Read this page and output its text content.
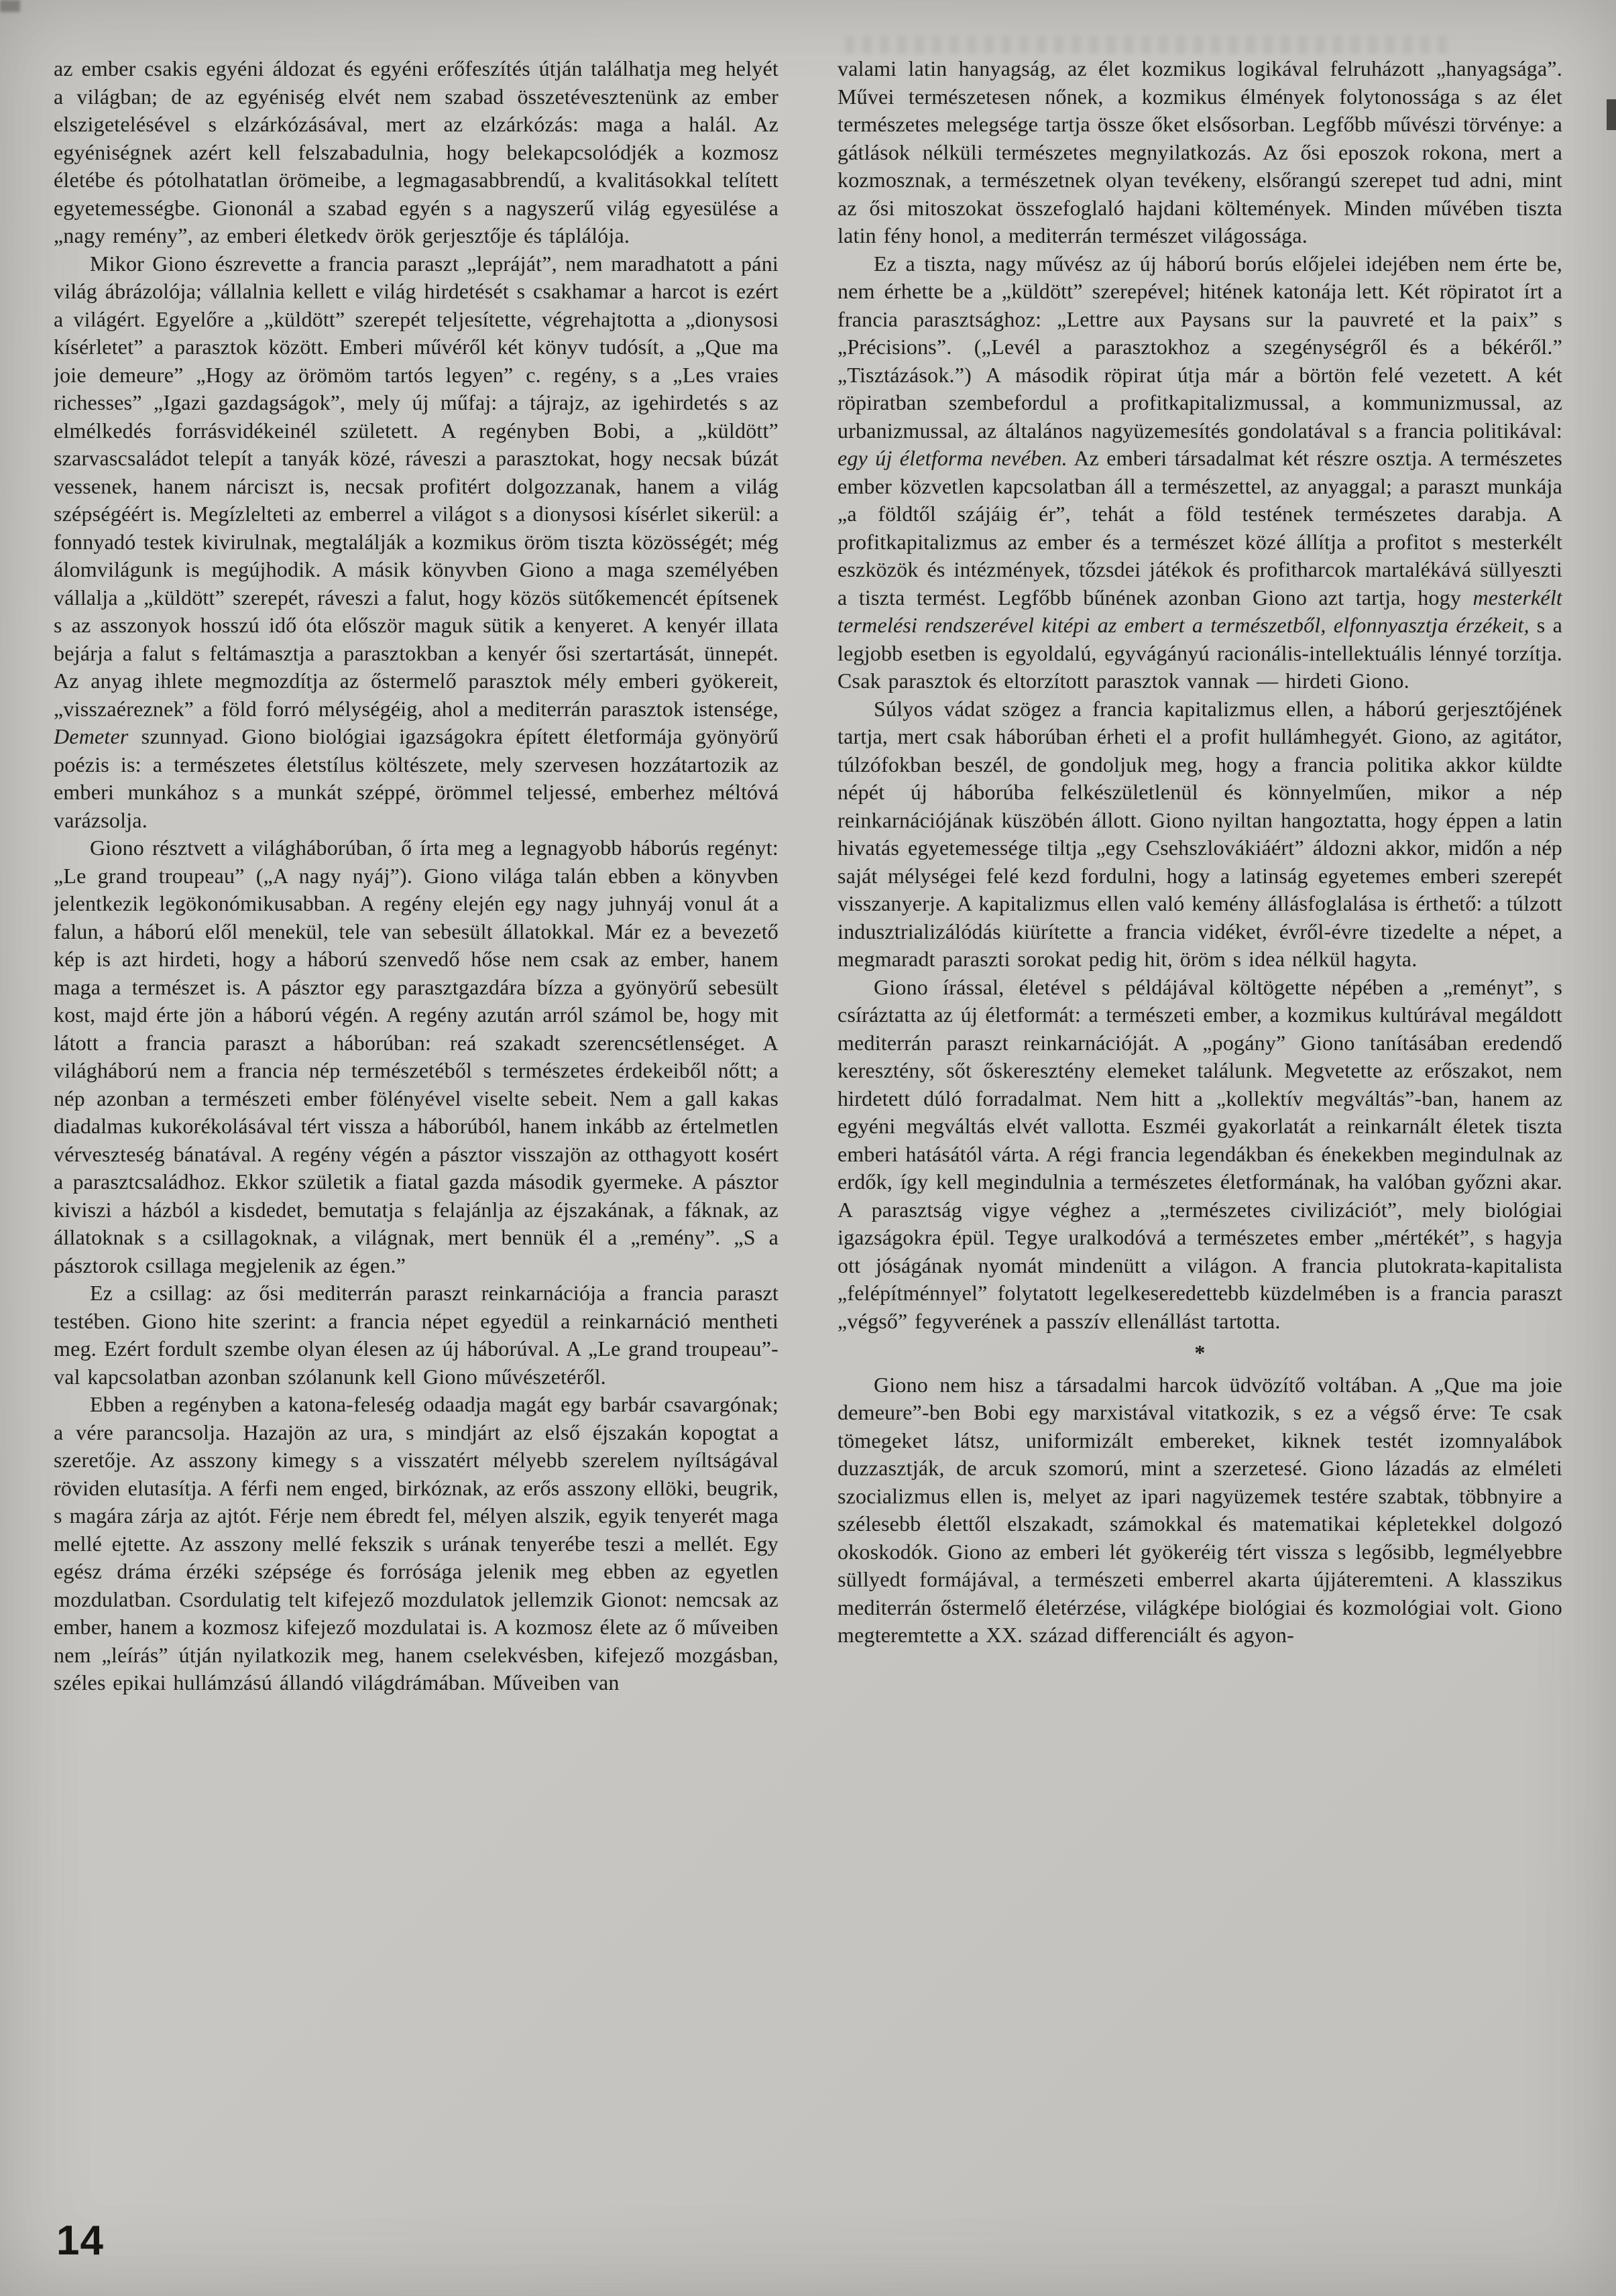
az ember csakis egyéni áldozat és egyéni erőfeszítés útján találhatja meg helyét a világban; de az egyéniség elvét nem szabad összetévesztenünk az ember elszigetelésével s elzárkózásával, mert az elzárkózás: maga a halál. Az egyéniségnek azért kell felszabadulnia, hogy belekapcsolódjék a kozmosz életébe és pótolhatatlan örömeibe, a legmagasabbrendű, a kvalitásokkal telített egyetemességbe. Giononál a szabad egyén s a nagyszerű világ egyesülése a „nagy remény”, az emberi életkedv örök gerjesztője és táplálója.

Mikor Giono észrevette a francia paraszt „lepráját”, nem maradhatott a páni világ ábrázolója; vállalnia kellett e világ hirdetését s csakhamar a harcot is ezért a világért. Egyelőre a „küldött” szerepét teljesítette, végrehajtotta a „dionysosi kísérletet” a parasztok között. Emberi művéről két könyv tudósít, a „Que ma joie demeure” „Hogy az örömöm tartós legyen” c. regény, s a „Les vraies richesses” „Igazi gazdagságok”, mely új műfaj: a tájrajz, az igehirdetés s az elmélkedés forrásvidékeinél született. A regényben Bobi, a „küldött” szarvascsaládot telepít a tanyák közé, ráveszi a parasztokat, hogy necsak búzát vessenek, hanem nárciszt is, necsak profitért dolgozzanak, hanem a világ szépségéért is. Megízlelteti az emberrel a világot s a dionysosi kísérlet sikerül: a fonnyadó testek kivirulnak, megtalálják a kozmikus öröm tiszta közösségét; még álomvilágunk is megújhodik. A másik könyvben Giono a maga személyében vállalja a „küldött” szerepét, ráveszi a falut, hogy közös sütőkemencét építsenek s az asszonyok hosszú idő óta először maguk sütik a kenyeret. A kenyér illata bejárja a falut s feltámasztja a parasztokban a kenyér ősi szertartását, ünnepét. Az anyag ihlete megmozdítja az őstermelő parasztok mély emberi gyökereit, „visszaéreznek” a föld forró mélységéig, ahol a mediterrán parasztok istensége, Demeter szunnyad. Giono biológiai igazságokra épített életformája gyönyörű poézis is: a természetes életstílus költészete, mely szervesen hozzátartozik az emberi munkához s a munkát széppé, örömmel teljessé, emberhez méltóvá varázsolja.

Giono résztvett a világháborúban, ő írta meg a legnagyobb háborús regényt: „Le grand troupeau” („A nagy nyáj”). Giono világa talán ebben a könyvben jelentkezik legökonómikusabban. A regény elején egy nagy juhnyáj vonul át a falun, a háború elől menekül, tele van sebesült állatokkal. Már ez a bevezető kép is azt hirdeti, hogy a háború szenvedő hőse nem csak az ember, hanem maga a természet is. A pásztor egy parasztgazdára bízza a gyönyörű sebesült kost, majd érte jön a háború végén. A regény azután arról számol be, hogy mit látott a francia paraszt a háborúban: reá szakadt szerencsétlenséget. A világháború nem a francia nép természetéből s természetes érdekeiből nőtt; a nép azonban a természeti ember fölényével viselte sebeit. Nem a gall kakas diadalmas kukorékolásával tért vissza a háborúból, hanem inkább az értelmetlen vérveszteség bánatával. A regény végén a pásztor visszajön az otthagyott kosért a parasztcsaládhoz. Ekkor születik a fiatal gazda második gyermeke. A pásztor kiviszi a házból a kisdedet, bemutatja s felajánlja az éjszakának, a fáknak, az állatoknak s a csillagoknak, a világnak, mert bennük él a „remény”. „S a pásztorok csillaga megjelenik az égen.”

Ez a csillag: az ősi mediterrán paraszt reinkarnációja a francia paraszt testében. Giono hite szerint: a francia népet egyedül a reinkarnáció mentheti meg. Ezért fordult szembe olyan élesen az új háborúval. A „Le grand troupeau”-val kapcsolatban azonban szólanunk kell Giono művészetéről.

Ebben a regényben a katona-feleség odaadja magát egy barbár csavargónak; a vére parancsolja. Hazajön az ura, s mindjárt az első éjszakán kopogtat a szeretője. Az asszony kimegy s a visszatért mélyebb szerelem nyíltságával röviden elutasítja. A férfi nem enged, birkóznak, az erős asszony ellöki, beugrik, s magára zárja az ajtót. Férje nem ébredt fel, mélyen alszik, egyik tenyerét maga mellé ejtette. Az asszony mellé fekszik s urának tenyerébe teszi a mellét. Egy egész dráma érzéki szépsége és forrósága jelenik meg ebben az egyetlen mozdulatban. Csordulatig telt kifejező mozdulatok jellemzik Gionot: nemcsak az ember, hanem a kozmosz kifejező mozdulatai is. A kozmosz élete az ő műveiben nem „leírás” útján nyilatkozik meg, hanem cselekvésben, kifejező mozgásban, széles epikai hullámzású állandó világdrámában. Műveiben van

valami latin hanyagság, az élet kozmikus logikával felruházott „hanyagsága”. Művei természetesen nőnek, a kozmikus élmények folytonossága s az élet természetes melegsége tartja össze őket elsősorban. Legfőbb művészi törvénye: a gátlások nélküli természetes megnyilatkozás. Az ősi eposzok rokona, mert a kozmosznak, a természetnek olyan tevékeny, elsőrangú szerepet tud adni, mint az ősi mitoszokat összefoglaló hajdani költemények. Minden művében tiszta latin fény honol, a mediterrán természet világossága.

Ez a tiszta, nagy művész az új háború borús előjelei idejében nem érte be, nem érhette be a „küldött” szerepével; hitének katonája lett. Két röpiratot írt a francia parasztsághoz: „Lettre aux Paysans sur la pauvreté et la paix” s „Précisions”. („Levél a parasztokhoz a szegénységről és a békéről.” „Tisztázások.”) A második röpirat útja már a börtön felé vezetett. A két röpiratban szembefordul a profitkapitalizmussal, a kommunizmussal, az urbanizmussal, az általános nagyüzemesítés gondolatával s a francia politikával: egy új életforma nevében. Az emberi társadalmat két részre osztja. A természetes ember közvetlen kapcsolatban áll a természettel, az anyaggal; a paraszt munkája „a földtől szájáig ér”, tehát a föld testének természetes darabja. A profitkapitalizmus az ember és a természet közé állítja a profitot s mesterkélt eszközök és intézmények, tőzsdei játékok és profitharcok martalékává süllyeszti a tiszta termést. Legfőbb bűnének azonban Giono azt tartja, hogy mesterkélt termelési rendszerével kitépi az embert a természetből, elfonnyasztja érzékeit, s a legjobb esetben is egyoldalú, egyvágányú racionális-intellektuális lénnyé torzítja. Csak parasztok és eltorzított parasztok vannak — hirdeti Giono.

Súlyos vádat szögez a francia kapitalizmus ellen, a háború gerjesztőjének tartja, mert csak háborúban érheti el a profit hullámhegyét. Giono, az agitátor, túlzófokban beszél, de gondoljuk meg, hogy a francia politika akkor küldte népét új háborúba felkészületlenül és könnyelműen, mikor a nép reinkarnációjának küszöbén állott. Giono nyiltan hangoztatta, hogy éppen a latin hivatás egyetemessége tiltja „egy Csehszlovákiáért” áldozni akkor, midőn a nép saját mélységei felé kezd fordulni, hogy a latinság egyetemes emberi szerepét visszanyerje. A kapitalizmus ellen való kemény állásfoglalása is érthető: a túlzott indusztrializálódás kiürítette a francia vidéket, évről-évre tizedelte a népet, a megmaradt paraszti sorokat pedig hit, öröm s idea nélkül hagyta.

Giono írással, életével s példájával költögette népében a „reményt”, s csíráztatta az új életformát: a természeti ember, a kozmikus kultúrával megáldott mediterrán paraszt reinkarnációját. A „pogány” Giono tanításában eredendő keresztény, sőt őskeresztény elemeket találunk. Megvetette az erőszakot, nem hirdetett dúló forradalmat. Nem hitt a „kollektív megváltás”-ban, hanem az egyéni megváltás elvét vallotta. Eszméi gyakorlatát a reinkarnált életek tiszta emberi hatásától várta. A régi francia legendákban és énekekben megindulnak az erdők, így kell megindulnia a természetes életformának, ha valóban győzni akar. A parasztság vigye véghez a „természetes civilizációt”, mely biológiai igazságokra épül. Tegye uralkodóvá a természetes ember „mértékét”, s hagyja ott jóságának nyomát mindenütt a világon. A francia plutokrata-kapitalista „felépítménnyel” folytatott legelkeseredettebb küzdelmében is a francia paraszt „végső” fegyverének a passzív ellenállást tartotta.

*

Giono nem hisz a társadalmi harcok üdvözítő voltában. A „Que ma joie demeure”-ben Bobi egy marxistával vitatkozik, s ez a végső érve: Te csak tömegeket látsz, uniformizált embereket, kiknek testét izomnyalábok duzzasztják, de arcuk szomorú, mint a szerzetesé. Giono lázadás az elméleti szocializmus ellen is, melyet az ipari nagyüzemek testére szabtak, többnyire a szélesebb élettől elszakadt, számokkal és matematikai képletekkel dolgozó okoskodók. Giono az emberi lét gyökeréig tért vissza s legősibb, legmélyebbre süllyedt formájával, a természeti emberrel akarta újjáteremteni. A klasszikus mediterrán őstermelő életérzése, világképe biológiai és kozmológiai volt. Giono megteremtette a XX. század differenciált és agyon-

14
